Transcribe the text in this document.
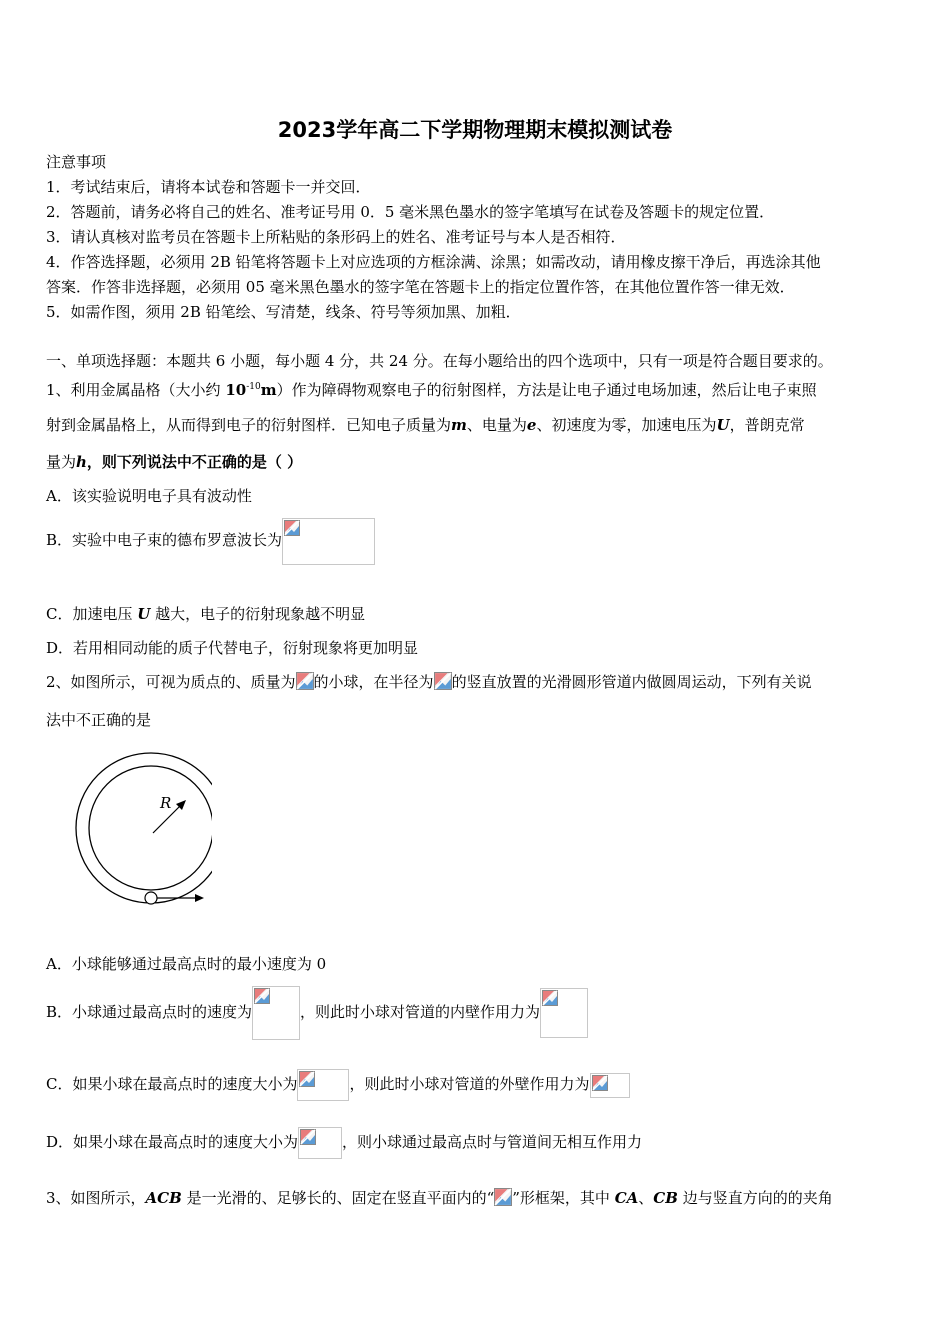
2023学年高二下学期物理期末模拟测试卷
注意事项
1．考试结束后，请将本试卷和答题卡一并交回．
2．答题前，请务必将自己的姓名、准考证号用 0．5 毫米黑色墨水的签字笔填写在试卷及答题卡的规定位置．
3．请认真核对监考员在答题卡上所粘贴的条形码上的姓名、准考证号与本人是否相符．
4．作答选择题，必须用 2B 铅笔将答题卡上对应选项的方框涂满、涂黑；如需改动，请用橡皮擦干净后，再选涂其他
答案．作答非选择题，必须用 05 毫米黑色墨水的签字笔在答题卡上的指定位置作答，在其他位置作答一律无效．
5．如需作图，须用 2B 铅笔绘、写清楚，线条、符号等须加黑、加粗．
一、单项选择题：本题共 6 小题，每小题 4 分，共 24 分。在每小题给出的四个选项中，只有一项是符合题目要求的。
1、利用金属晶格（大小约 $10^{-10}m$）作为障碍物观察电子的衍射图样，方法是让电子通过电场加速，然后让电子束照
射到金属晶格上，从而得到电子的衍射图样．已知电子质量为m、电量为e、初速度为零，加速电压为U，普朗克常
量为h，则下列说法中不正确的是（ ）
A．该实验说明电子具有波动性
B．实验中电子束的德布罗意波长为
C．加速电压 U 越大，电子的衍射现象越不明显
D．若用相同动能的质子代替电子，衍射现象将更加明显
2、如图所示，可视为质点的、质量为 的小球，在半径为 的竖直放置的光滑圆形管道内做圆周运动，下列有关说
法中不正确的是
R
A．小球能够通过最高点时的最小速度为 0
B．小球通过最高点时的速度为	，则此时小球对管道的内壁作用力为
C．如果小球在最高点时的速度大小为	，则此时小球对管道的外壁作用力为
D．如果小球在最高点时的速度大小为	，则小球通过最高点时与管道间无相互作用力
3、如图所示，ACB 是一光滑的、足够长的、固定在竖直平面内的“ ”形框架，其中 CA、CB 边与竖直方向的的夹角
